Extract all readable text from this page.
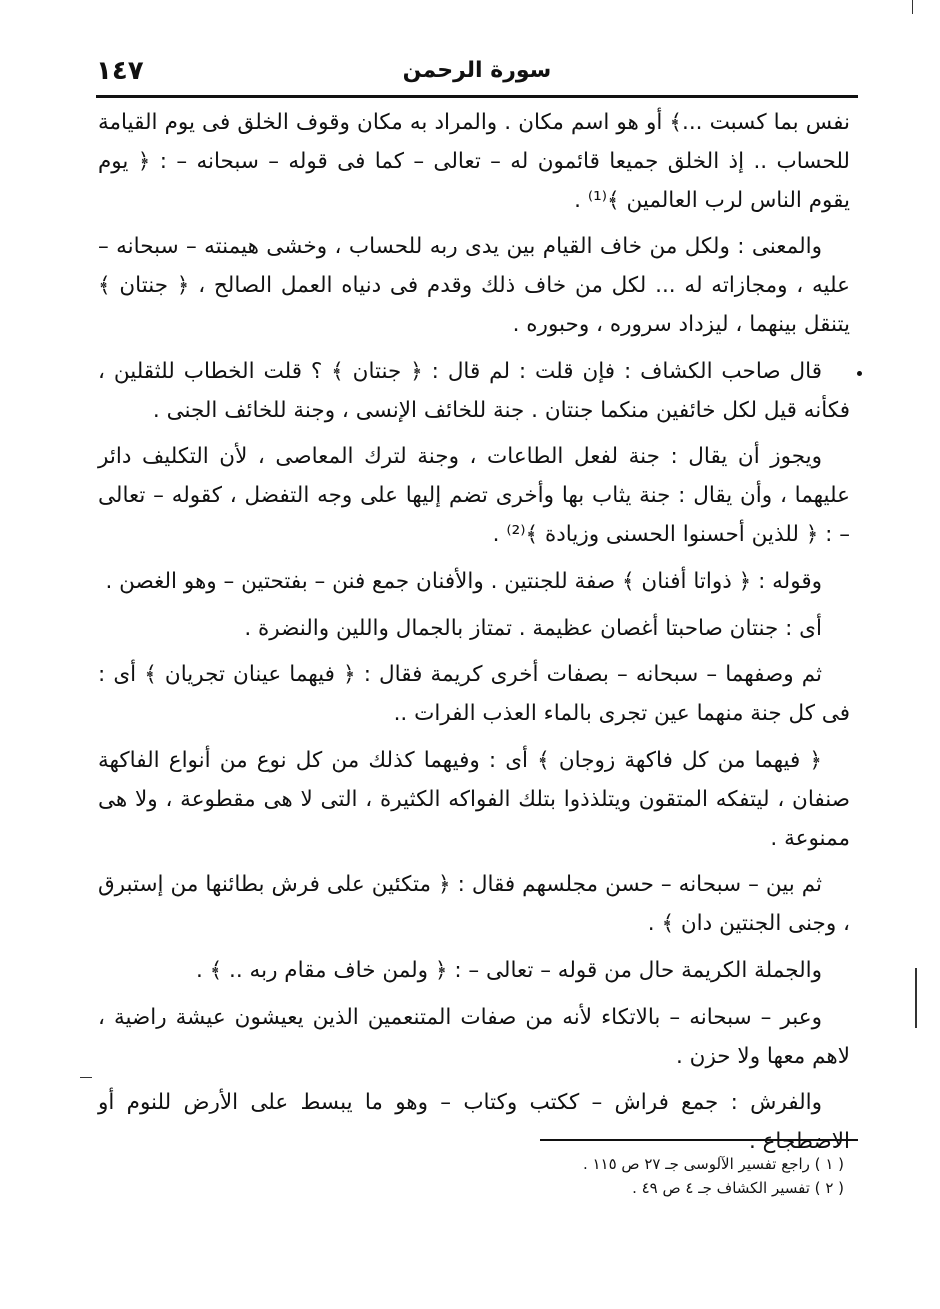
١٤٧	سورة الرحمن

نفس بما كسبت ...﴾ أو هو اسم مكان . والمراد به مكان وقوف الخلق فى يوم القيامة للحساب .. إذ الخلق جميعا قائمون له – تعالى – كما فى قوله – سبحانه – : ﴿ يوم يقوم الناس لرب العالمين ﴾⁽¹⁾ .

والمعنى : ولكل من خاف القيام بين يدى ربه للحساب ، وخشى هيمنته – سبحانه – عليه ، ومجازاته له ... لكل من خاف ذلك وقدم فى دنياه العمل الصالح ، ﴿ جنتان ﴾ يتنقل بينهما ، ليزداد سروره ، وحبوره .

قال صاحب الكشاف : فإن قلت : لم قال : ﴿ جنتان ﴾ ؟ قلت الخطاب للثقلين ، فكأنه قيل لكل خائفين منكما جنتان . جنة للخائف الإنسى ، وجنة للخائف الجنى .

ويجوز أن يقال : جنة لفعل الطاعات ، وجنة لترك المعاصى ، لأن التكليف دائر عليهما ، وأن يقال : جنة يثاب بها وأخرى تضم إليها على وجه التفضل ، كقوله – تعالى – : ﴿ للذين أحسنوا الحسنى وزيادة ﴾⁽²⁾ .

وقوله : ﴿ ذواتا أفنان ﴾ صفة للجنتين . والأفنان جمع فنن – بفتحتين – وهو الغصن .

أى : جنتان صاحبتا أغصان عظيمة . تمتاز بالجمال واللين والنضرة .

ثم وصفهما – سبحانه – بصفات أخرى كريمة فقال : ﴿ فيهما عينان تجريان ﴾ أى : فى كل جنة منهما عين تجرى بالماء العذب الفرات ..

﴿ فيهما من كل فاكهة زوجان ﴾ أى : وفيهما كذلك من كل نوع من أنواع الفاكهة صنفان ، ليتفكه المتقون ويتلذذوا بتلك الفواكه الكثيرة ، التى لا هى مقطوعة ، ولا هى ممنوعة .

ثم بين – سبحانه – حسن مجلسهم فقال : ﴿ متكئين على فرش بطائنها من إستبرق ، وجنى الجنتين دان ﴾ .

والجملة الكريمة حال من قوله – تعالى – : ﴿ ولمن خاف مقام ربه .. ﴾ .

وعبر – سبحانه – بالاتكاء لأنه من صفات المتنعمين الذين يعيشون عيشة راضية ، لاهم معها ولا حزن .

والفرش : جمع فراش – ككتب وكتاب – وهو ما يبسط على الأرض للنوم أو الاضطجاع .

( ١ ) راجع تفسير الآلوسى جـ ٢٧ ص ١١٥ .
( ٢ ) تفسير الكشاف جـ ٤ ص ٤٩ .
